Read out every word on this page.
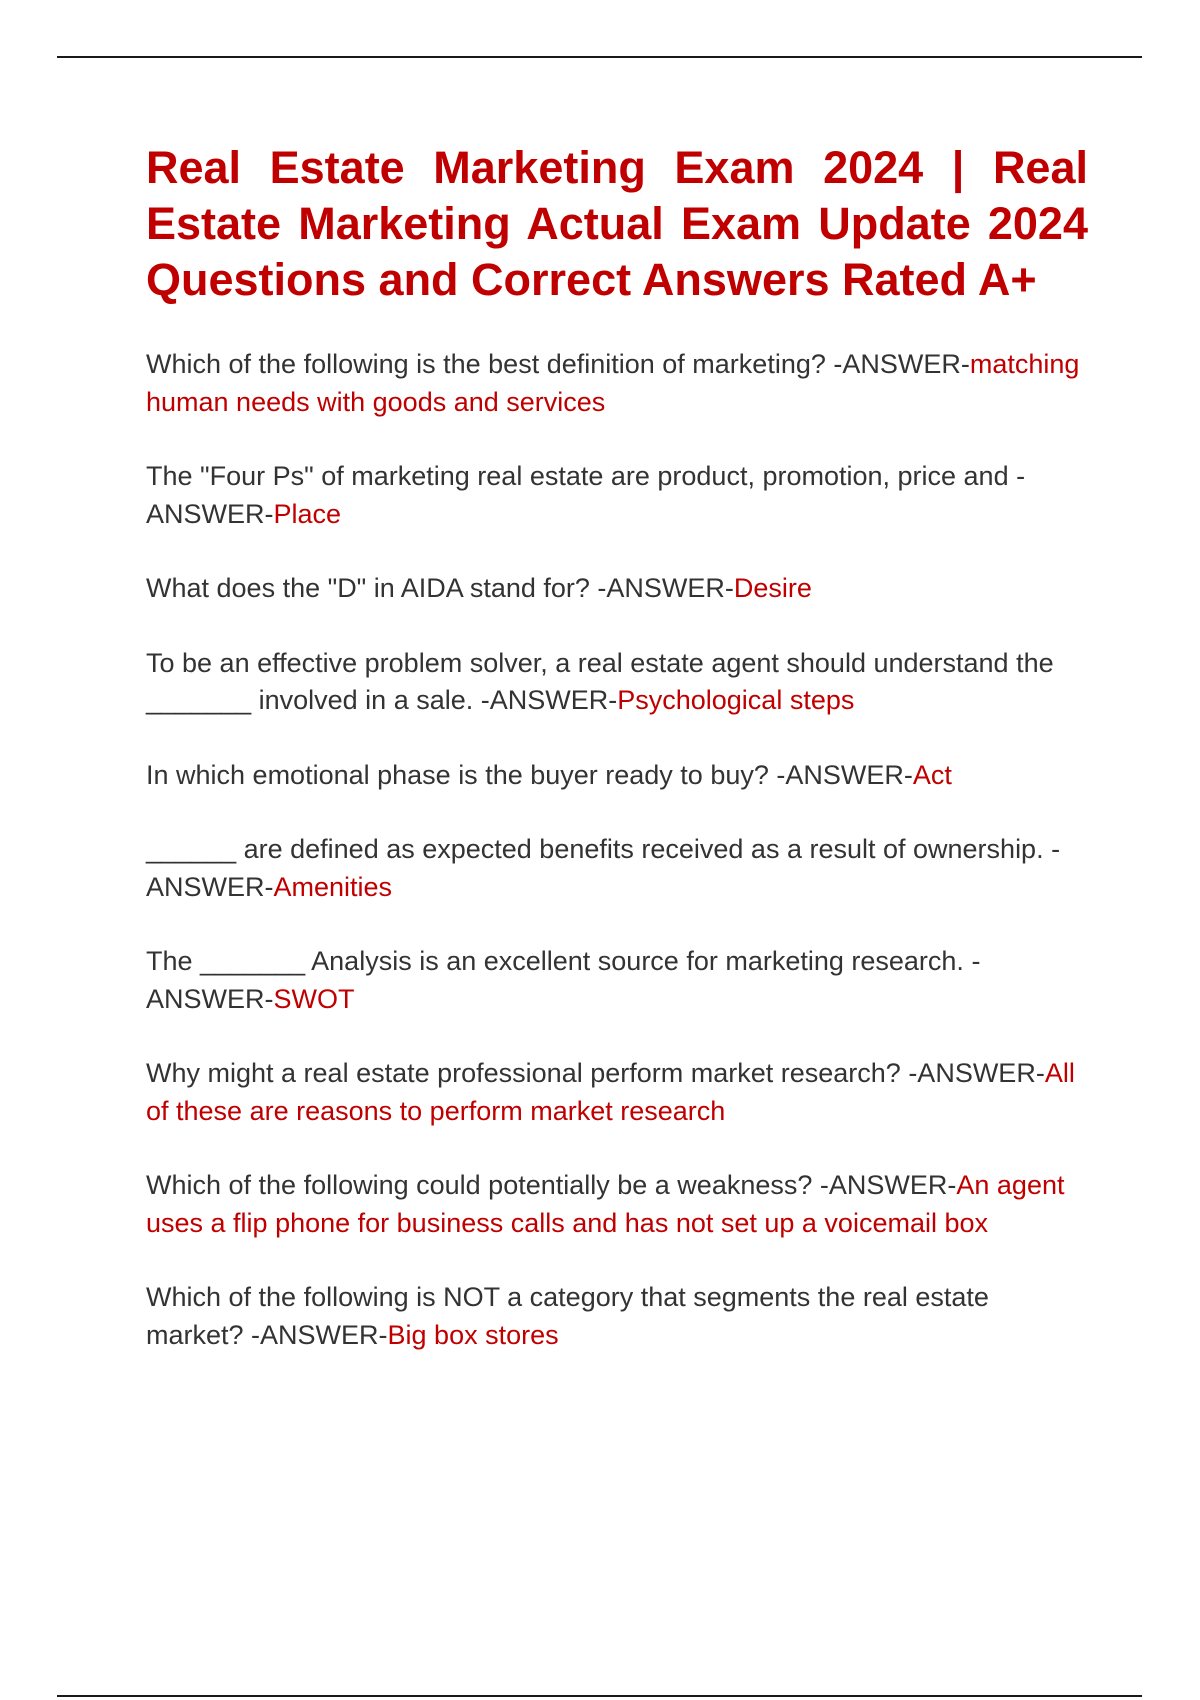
Real Estate Marketing Exam 2024 | Real Estate Marketing Actual Exam Update 2024 Questions and Correct Answers Rated A+

Which of the following is the best definition of marketing? -ANSWER-matching human needs with goods and services

The "Four Ps" of marketing real estate are product, promotion, price and -ANSWER-Place

What does the "D" in AIDA stand for? -ANSWER-Desire

To be an effective problem solver, a real estate agent should understand the _______ involved in a sale. -ANSWER-Psychological steps

In which emotional phase is the buyer ready to buy? -ANSWER-Act

______ are defined as expected benefits received as a result of ownership. -ANSWER-Amenities

The _______ Analysis is an excellent source for marketing research. -ANSWER-SWOT

Why might a real estate professional perform market research? -ANSWER-All of these are reasons to perform market research

Which of the following could potentially be a weakness? -ANSWER-An agent uses a flip phone for business calls and has not set up a voicemail box

Which of the following is NOT a category that segments the real estate market? -ANSWER-Big box stores
